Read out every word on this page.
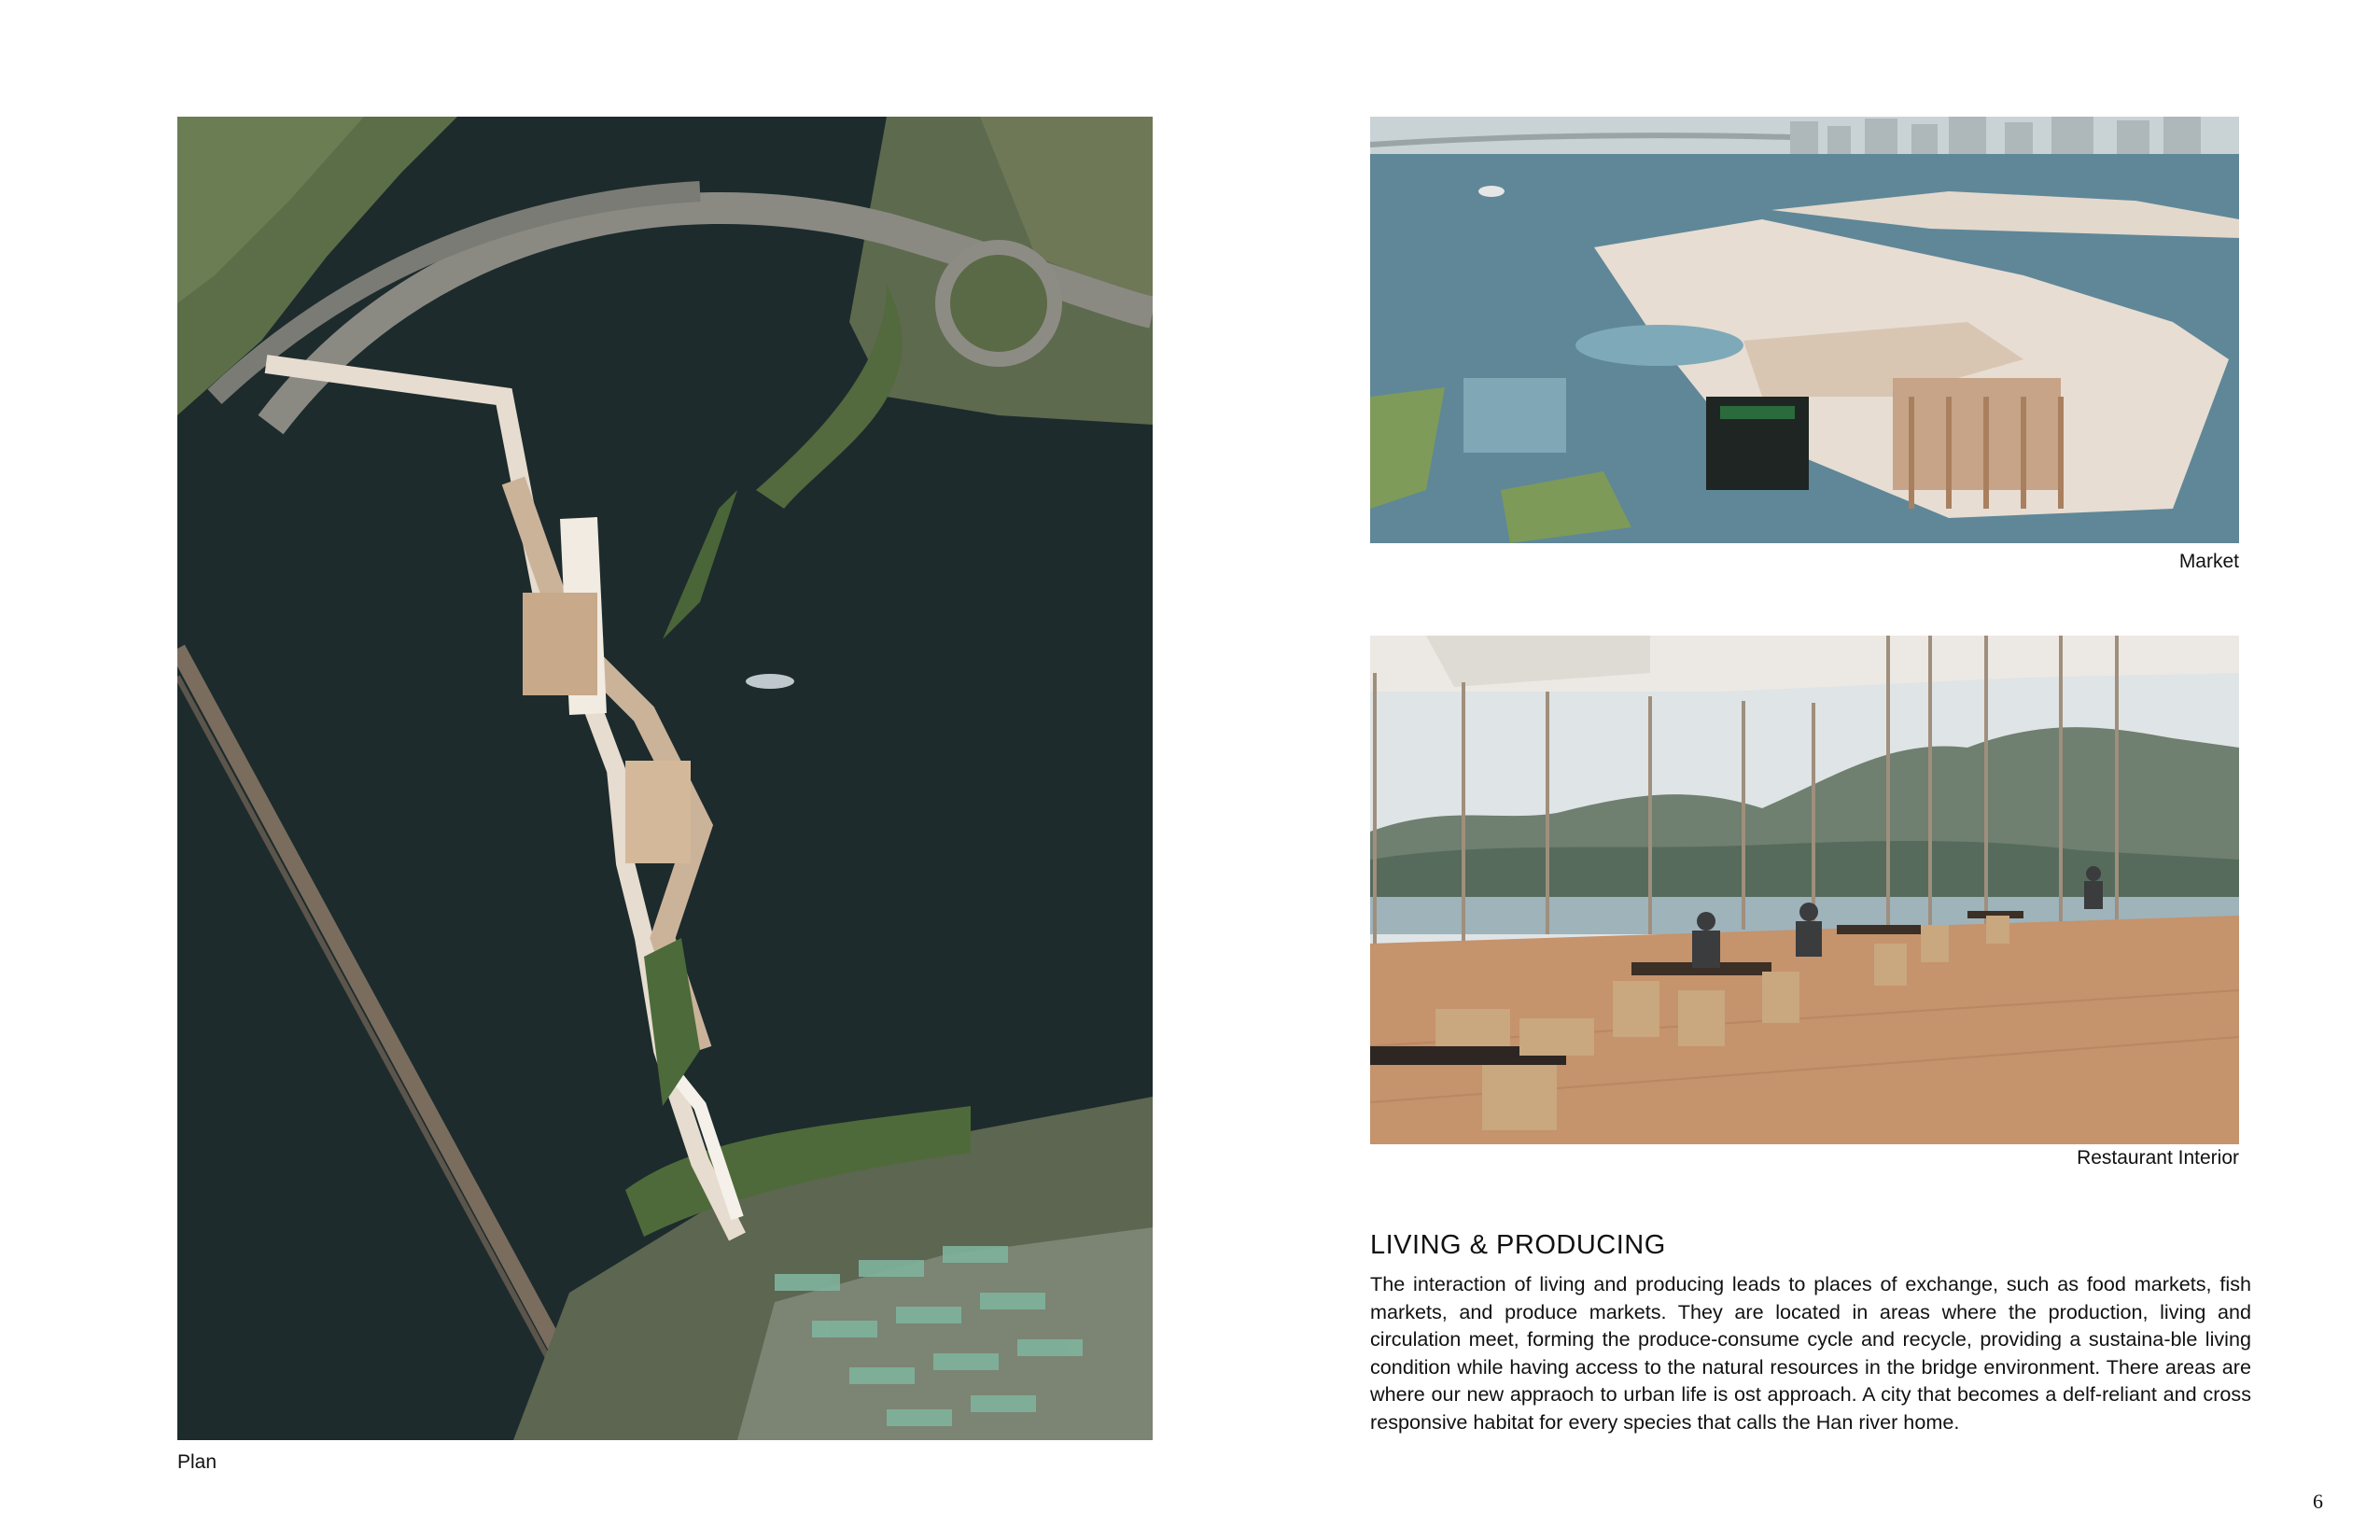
Plan
Market
Restaurant Interior
LIVING & PRODUCING
The interaction of living and producing leads to places of exchange, such as food markets, fish markets, and produce markets. They are located in areas where the production, living and circulation meet, forming the produce-consume cycle and recycle, providing a sustaina-ble living condition while having access to the natural resources in the bridge environment. There areas are where our new appraoch to urban life is ost approach. A city that becomes a delf-reliant and cross responsive habitat for every species that calls the Han river home.
6
